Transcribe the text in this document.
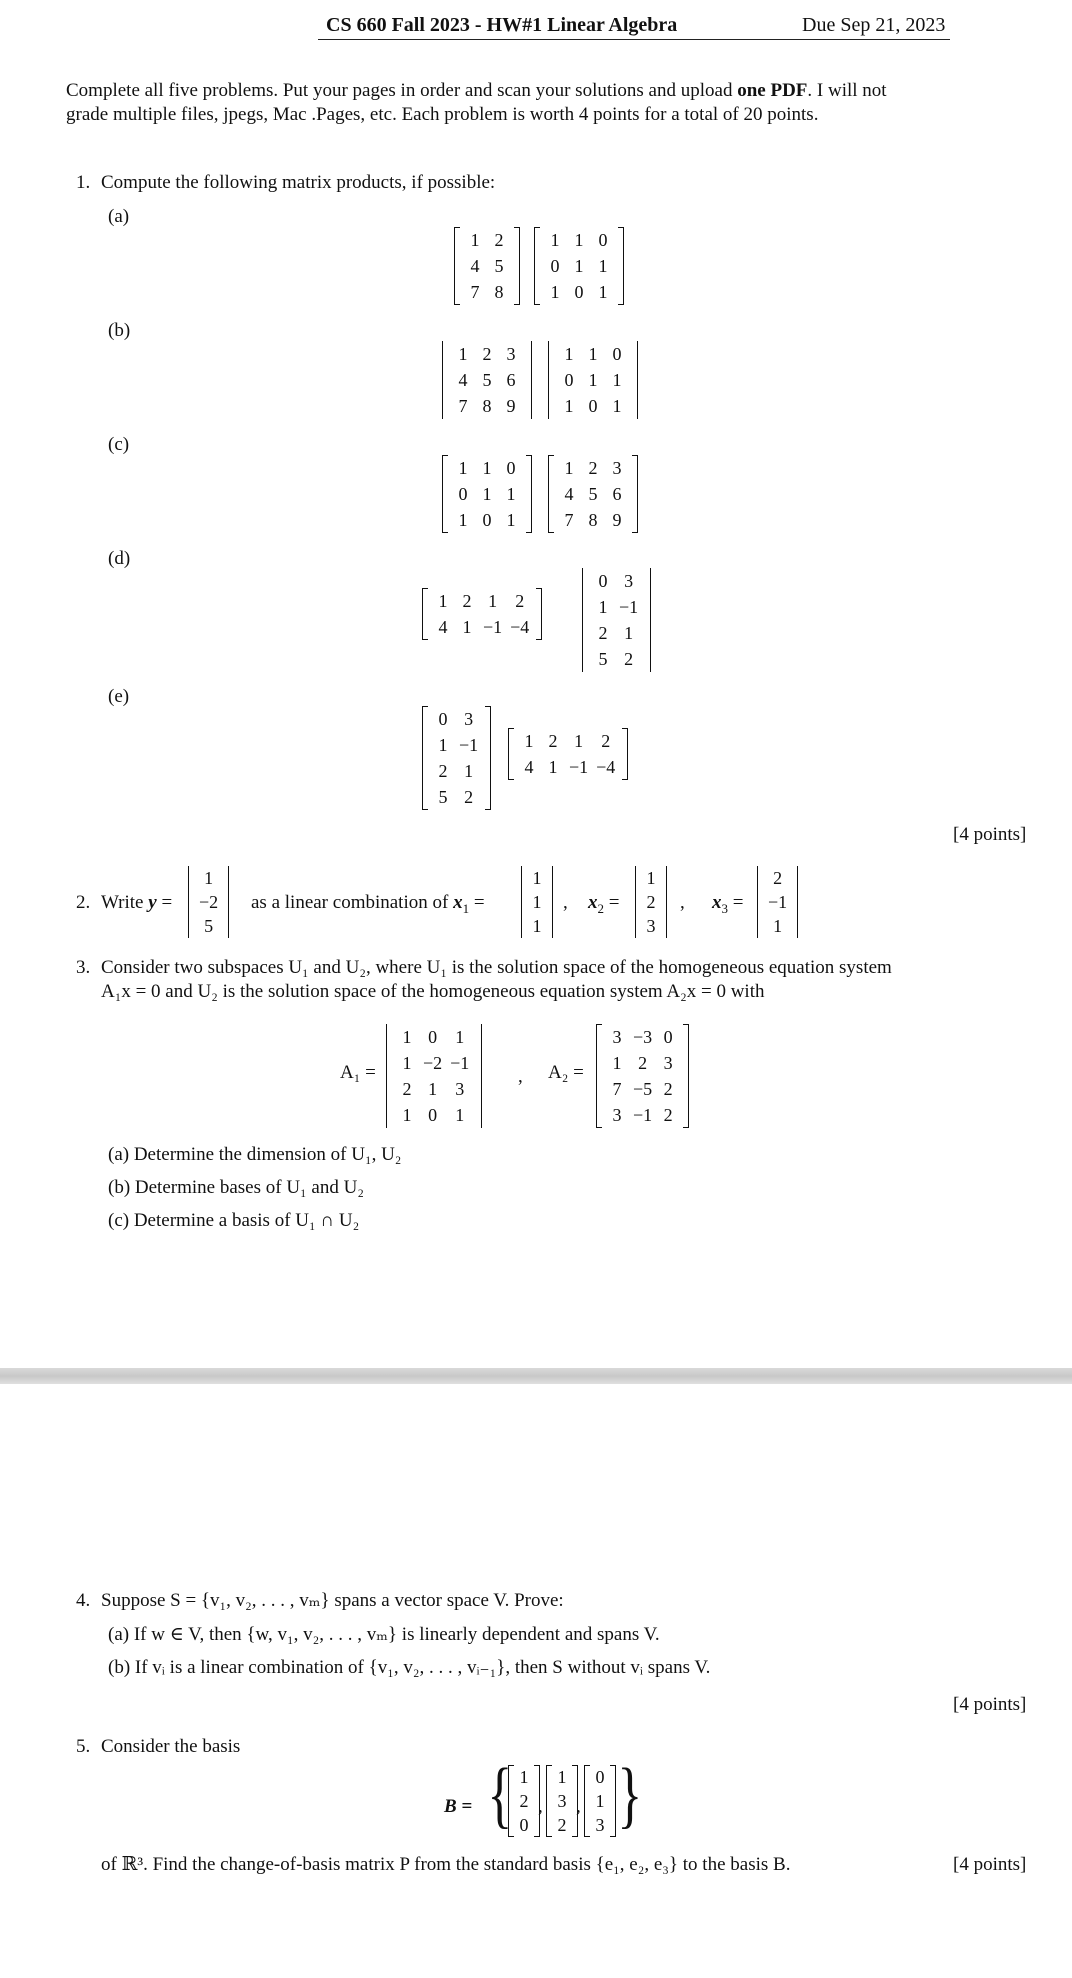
CS 660 Fall 2023 - HW#1 Linear Algebra	Due Sep 21, 2023
Complete all five problems. Put your pages in order and scan your solutions and upload one PDF. I will not
grade multiple files, jpegs, Mac .Pages, etc. Each problem is worth 4 points for a total of 20 points.
1. Compute the following matrix products, if possible:
(a)
1	2
4	5
7	8
1	1	0
0	1	1
1	0	1
(b)
1	2	3
4	5	6
7	8	9
1	1	0
0	1	1
1	0	1
(c)
1	1	0
0	1	1
1	0	1
1	2	3
4	5	6
7	8	9
(d)
1	2	1	2
4	1	−1	−4
0	3
1	−1
2	1
5	2
(e)
0	3
1	−1
2	1
5	2
1	2	1	2
4	1	−1	−4
[4 points]
2. Write y =
1
−2
5
as a linear combination of $x_1$ =
1
1
1
, $x_2$ =
1
2
3
, $x_3$ =
2
−1
1
3. Consider two subspaces U₁ and U₂, where U₁ is the solution space of the homogeneous equation system
A₁x = 0 and U₂ is the solution space of the homogeneous equation system A₂x = 0 with
A₁ =
1	0	1
1	−2	−1
2	1	3
1	0	1
, A₂ =
3	−3	0
1	2	3
7	−5	2
3	−1	2
(a) Determine the dimension of U₁, U₂
(b) Determine bases of U₁ and U₂
(c) Determine a basis of U₁ ∩ U₂
4. Suppose S = {v₁, v₂, . . . , vₘ} spans a vector space V. Prove:
(a) If w ∈ V, then {w, v₁, v₂, . . . , vₘ} is linearly dependent and spans V.
(b) If vᵢ is a linear combination of {v₁, v₂, . . . , vᵢ₋₁}, then S without vᵢ spans V.
[4 points]
5. Consider the basis
B = { 1
2
0
,
1
3
2
,
0
1
3 }
of ℝ³. Find the change-of-basis matrix P from the standard basis {e₁, e₂, e₃} to the basis B.	[4 points]
